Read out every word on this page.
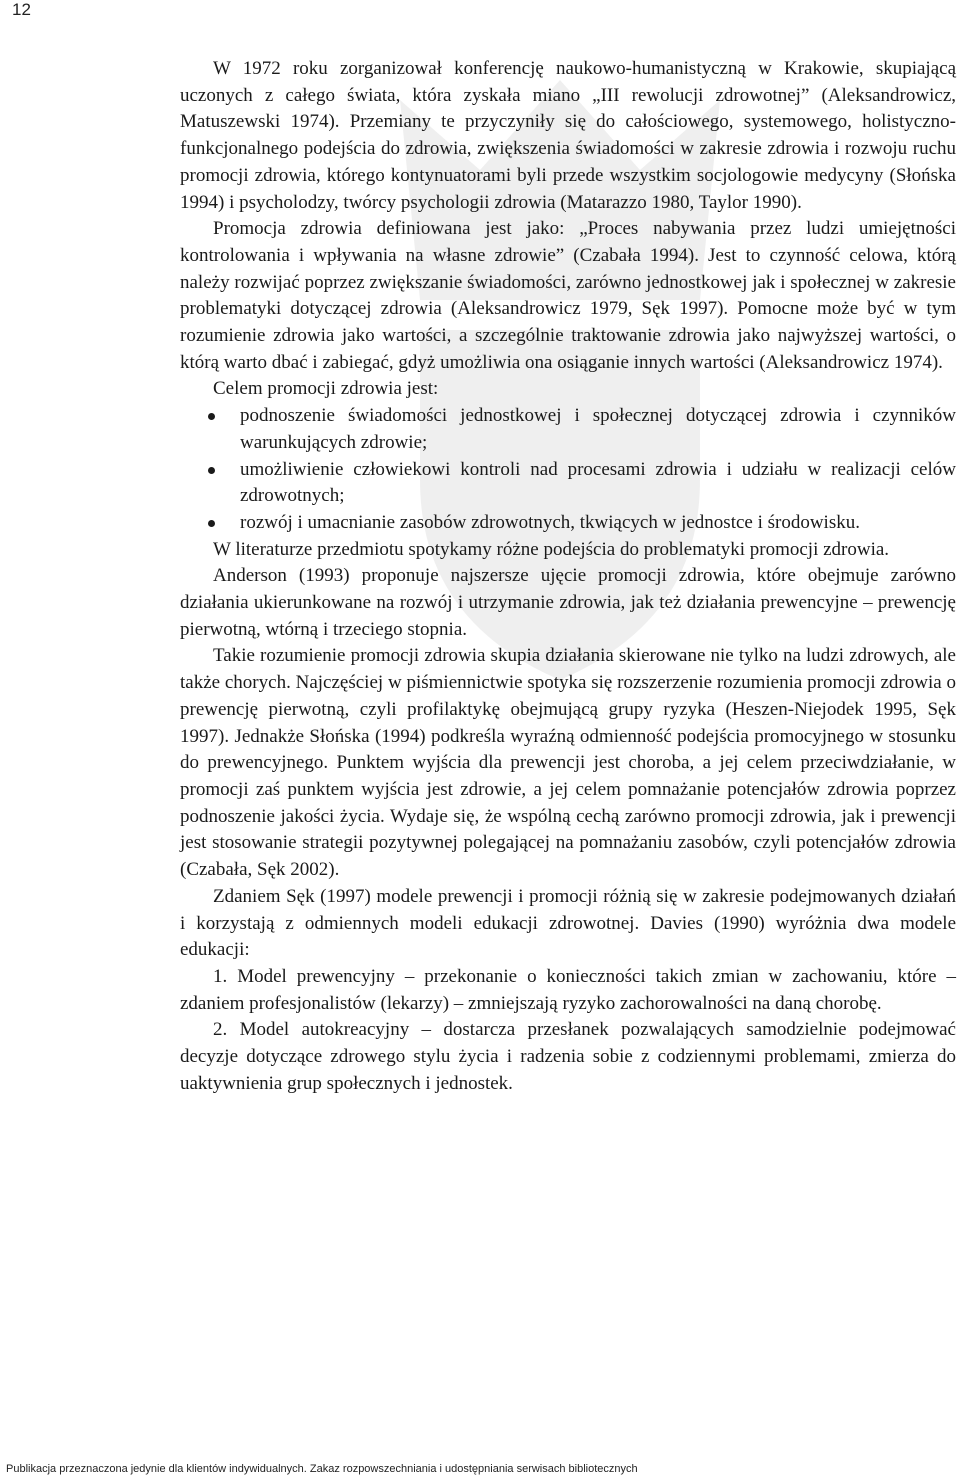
12

W 1972 roku zorganizował konferencję naukowo-humanistyczną w Krakowie, skupiającą uczonych z całego świata, która zyskała miano „III rewolucji zdrowotnej” (Aleksandrowicz, Matuszewski 1974). Przemiany te przyczyniły się do całościowego, systemowego, holistyczno-funkcjonalnego podejścia do zdrowia, zwiększenia świadomości w zakresie zdrowia i rozwoju ruchu promocji zdrowia, którego kontynuatorami byli przede wszystkim socjologowie medycyny (Słońska 1994) i psycholodzy, twórcy psychologii zdrowia (Matarazzo 1980, Taylor 1990).

Promocja zdrowia definiowana jest jako: „Proces nabywania przez ludzi umiejętności kontrolowania i wpływania na własne zdrowie” (Czabała 1994). Jest to czynność celowa, którą należy rozwijać poprzez zwiększanie świadomości, zarówno jednostkowej jak i społecznej w zakresie problematyki dotyczącej zdrowia (Aleksandrowicz 1979, Sęk 1997). Pomocne może być w tym rozumienie zdrowia jako wartości, a szczególnie traktowanie zdrowia jako najwyższej wartości, o którą warto dbać i zabiegać, gdyż umożliwia ona osiąganie innych wartości (Aleksandrowicz 1974).

Celem promocji zdrowia jest:

podnoszenie świadomości jednostkowej i społecznej dotyczącej zdrowia i czynników warunkujących zdrowie;
umożliwienie człowiekowi kontroli nad procesami zdrowia i udziału w realizacji celów zdrowotnych;
rozwój i umacnianie zasobów zdrowotnych, tkwiących w jednostce i środowisku.

W literaturze przedmiotu spotykamy różne podejścia do problematyki promocji zdrowia.

Anderson (1993) proponuje najszersze ujęcie promocji zdrowia, które obejmuje zarówno działania ukierunkowane na rozwój i utrzymanie zdrowia, jak też działania prewencyjne – prewencję pierwotną, wtórną i trzeciego stopnia.

Takie rozumienie promocji zdrowia skupia działania skierowane nie tylko na ludzi zdrowych, ale także chorych. Najczęściej w piśmiennictwie spotyka się rozszerzenie rozumienia promocji zdrowia o prewencję pierwotną, czyli profilaktykę obejmującą grupy ryzyka (Heszen-Niejodek 1995, Sęk 1997). Jednakże Słońska (1994) podkreśla wyraźną odmienność podejścia promocyjnego w stosunku do prewencyjnego. Punktem wyjścia dla prewencji jest choroba, a jej celem przeciwdziałanie, w promocji zaś punktem wyjścia jest zdrowie, a jej celem pomnażanie potencjałów zdrowia poprzez podnoszenie jakości życia. Wydaje się, że wspólną cechą zarówno promocji zdrowia, jak i prewencji jest stosowanie strategii pozytywnej polegającej na pomnażaniu zasobów, czyli potencjałów zdrowia (Czabała, Sęk 2002).

Zdaniem Sęk (1997) modele prewencji i promocji różnią się w zakresie podejmowanych działań i korzystają z odmiennych modeli edukacji zdrowotnej. Davies (1990) wyróżnia dwa modele edukacji:

1. Model prewencyjny – przekonanie o konieczności takich zmian w zachowaniu, które – zdaniem profesjonalistów (lekarzy) – zmniejszają ryzyko zachorowalności na daną chorobę.

2. Model autokreacyjny – dostarcza przesłanek pozwalających samodzielnie podejmować decyzje dotyczące zdrowego stylu życia i radzenia sobie z codziennymi problemami, zmierza do uaktywnienia grup społecznych i jednostek.

Publikacja przeznaczona jedynie dla klientów indywidualnych. Zakaz rozpowszechniania i udostępniania serwisach bibliotecznych
